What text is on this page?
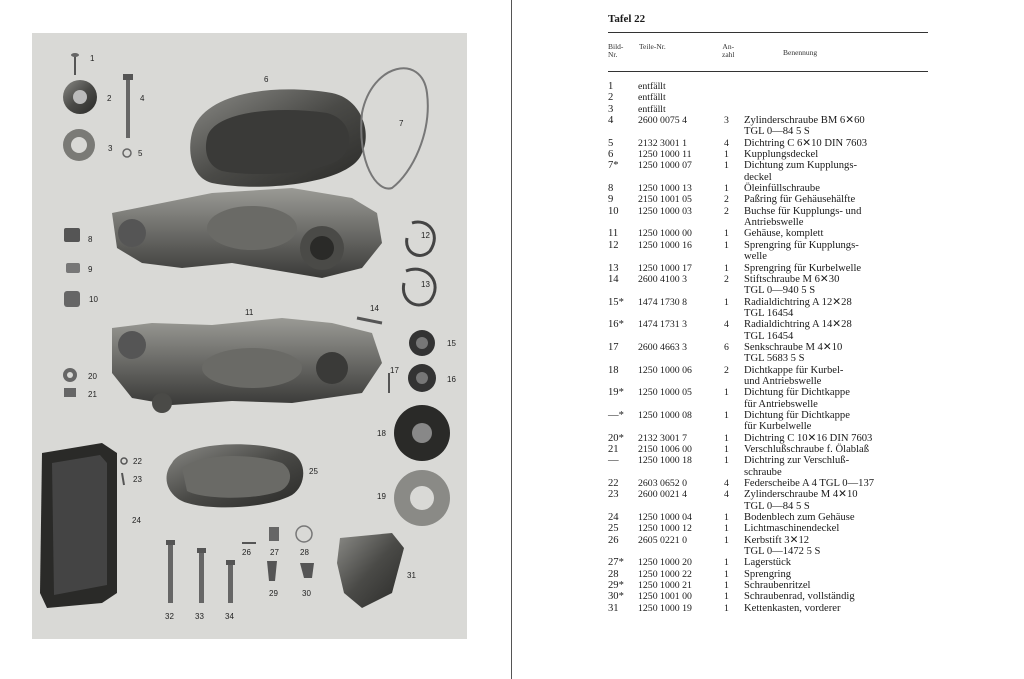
1
2
3
4
5
6
7
8
9
10
11
12
13
14
15
16
17
18
19
20
21
22
23
24
25
26 27	28
29	30
31
32	33	34
Tafel 22
Bild-
Nr.
Teile-Nr.	An-
zahl	Benennung
1	entfällt
2	entfällt
3	entfällt
4	2600 0075 4	3 Zylinderschraube BM 6✕60
TGL 0—84 5 S
5	2132 3001 1	4 Dichtring C 6✕10 DIN 7603
6	1250 1000 11	1 Kupplungsdeckel
7* 1250 1000 07	1 Dichtung zum Kupplungs-
deckel
8	1250 1000 13	1 Öleinfüllschraube
9	2150 1001 05	2 Paßring für Gehäusehälfte
10 1250 1000 03	2 Buchse für Kupplungs- und
Antriebswelle
11 1250 1000 00	1 Gehäuse, komplett
12 1250 1000 16	1 Sprengring für Kupplungs-
welle
13 1250 1000 17	1 Sprengring für Kurbelwelle
14 2600 4100 3	2 Stiftschraube M 6✕30
TGL 0—940 5 S
15* 1474 1730 8	1 Radialdichtring A 12✕28
TGL 16454
16* 1474 1731 3	4 Radialdichtring A 14✕28
TGL 16454
17 2600 4663 3	6 Senkschraube M 4✕10
TGL 5683 5 S
18 1250 1000 06	2 Dichtkappe für Kurbel-
und Antriebswelle
19* 1250 1000 05	1 Dichtung für Dichtkappe
für Antriebswelle
—* 1250 1000 08	1 Dichtung für Dichtkappe
für Kurbelwelle
20* 2132 3001 7	1 Dichtring C 10✕16 DIN 7603
21 2150 1006 00	1 Verschlußschraube f. Ölablaß
— 1250 1000 18	1 Dichtring zur Verschluß-
schraube
22 2603 0652 0	4 Federscheibe A 4 TGL 0—137
23 2600 0021 4	4 Zylinderschraube M 4✕10
TGL 0—84 5 S
24 1250 1000 04	1 Bodenblech zum Gehäuse
25 1250 1000 12	1 Lichtmaschinendeckel
26 2605 0221 0	1 Kerbstift 3✕12
TGL 0—1472 5 S
27* 1250 1000 20	1 Lagerstück
28 1250 1000 22	1 Sprengring
29* 1250 1000 21	1 Schraubenritzel
30* 1250 1001 00	1 Schraubenrad, vollständig
31 1250 1000 19	1 Kettenkasten, vorderer
